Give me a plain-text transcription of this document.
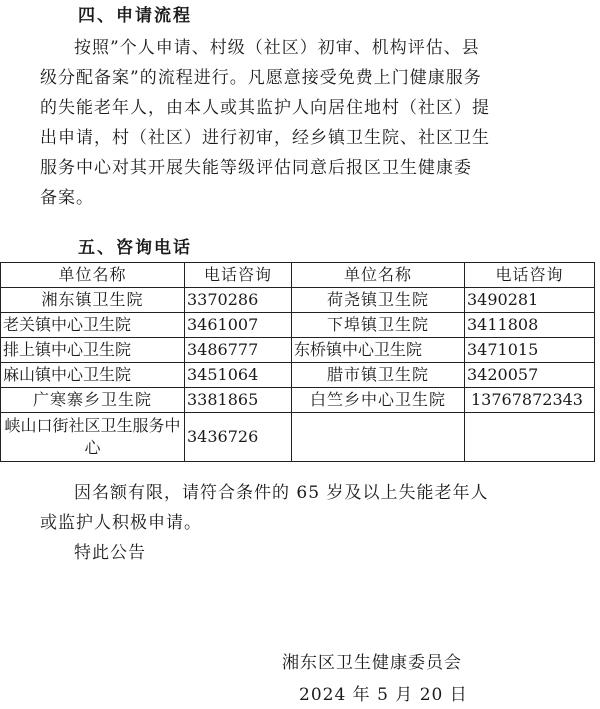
四、申请流程
按照”个人申请、村级（社区）初审、机构评估、县
级分配备案”的流程进行。凡愿意接受免费上门健康服务
的失能老年人，由本人或其监护人向居住地村（社区）提
出申请，村（社区）进行初审，经乡镇卫生院、社区卫生
服务中心对其开展失能等级评估同意后报区卫生健康委
备案。
五、咨询电话
单位名称	电话咨询	单位名称	电话咨询
湘东镇卫生院	3370286	荷尧镇卫生院	3490281
老关镇中心卫生院	3461007	下埠镇卫生院	3411808
排上镇中心卫生院	3486777	东桥镇中心卫生院	3471015
麻山镇中心卫生院	3451064	腊市镇卫生院	3420057
广寒寨乡卫生院	3381865	白竺乡中心卫生院	13767872343

峡山口街社区卫生服务中心	3436726		
因名额有限，请符合条件的 65 岁及以上失能老年人
或监护人积极申请。
特此公告
湘东区卫生健康委员会
2024 年 5 月 20 日
